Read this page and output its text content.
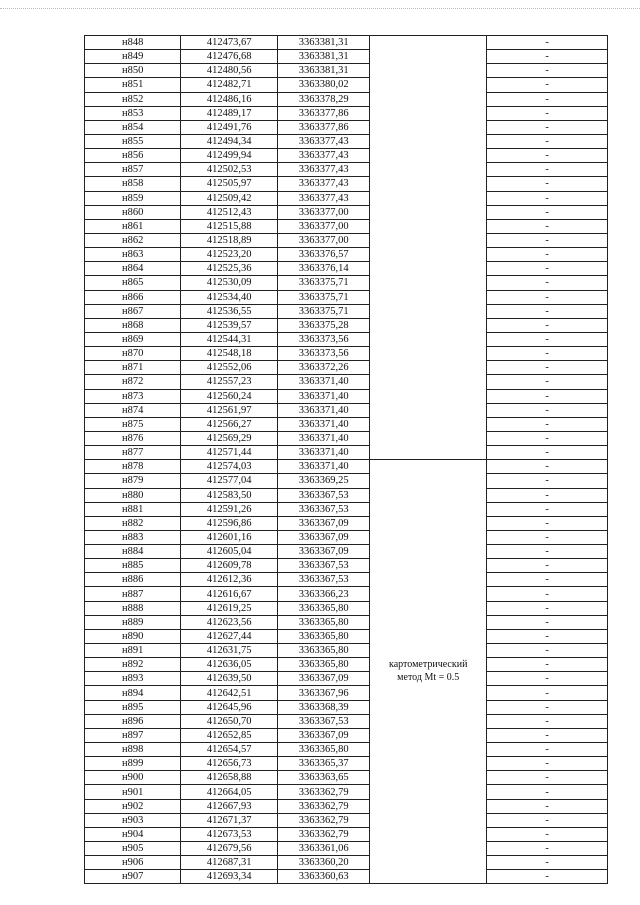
н848	412473,67	3363381,31		-
н849	412476,68	3363381,31		-
н850	412480,56	3363381,31		-
н851	412482,71	3363380,02		-
н852	412486,16	3363378,29		-
н853	412489,17	3363377,86		-
н854	412491,76	3363377,86		-
н855	412494,34	3363377,43		-
н856	412499,94	3363377,43		-
н857	412502,53	3363377,43		-
н858	412505,97	3363377,43		-
н859	412509,42	3363377,43		-
н860	412512,43	3363377,00		-
н861	412515,88	3363377,00		-
н862	412518,89	3363377,00		-
н863	412523,20	3363376,57		-
н864	412525,36	3363376,14		-
н865	412530,09	3363375,71		-
н866	412534,40	3363375,71		-
н867	412536,55	3363375,71		-
н868	412539,57	3363375,28		-
н869	412544,31	3363373,56		-
н870	412548,18	3363373,56		-
н871	412552,06	3363372,26		-
н872	412557,23	3363371,40		-
н873	412560,24	3363371,40		-
н874	412561,97	3363371,40		-
н875	412566,27	3363371,40		-
н876	412569,29	3363371,40		-
н877	412571,44	3363371,40		-
н878	412574,03	3363371,40		-
н879	412577,04	3363369,25		-
н880	412583,50	3363367,53		-
н881	412591,26	3363367,53		-
н882	412596,86	3363367,09		-
н883	412601,16	3363367,09		-
н884	412605,04	3363367,09		-
н885	412609,78	3363367,53		-
н886	412612,36	3363367,53		-
н887	412616,67	3363366,23		-
н888	412619,25	3363365,80		-
н889	412623,56	3363365,80		-
н890	412627,44	3363365,80		-
н891	412631,75	3363365,80		-
н892	412636,05	3363365,80	картометрический
метод Mt = 0.5	-
н893	412639,50	3363367,09		-
н894	412642,51	3363367,96		-
н895	412645,96	3363368,39		-
н896	412650,70	3363367,53		-
н897	412652,85	3363367,09		-
н898	412654,57	3363365,80		-
н899	412656,73	3363365,37		-
н900	412658,88	3363363,65		-
н901	412664,05	3363362,79		-
н902	412667,93	3363362,79		-
н903	412671,37	3363362,79		-
н904	412673,53	3363362,79		-
н905	412679,56	3363361,06		-
н906	412687,31	3363360,20		-
н907	412693,34	3363360,63		-
